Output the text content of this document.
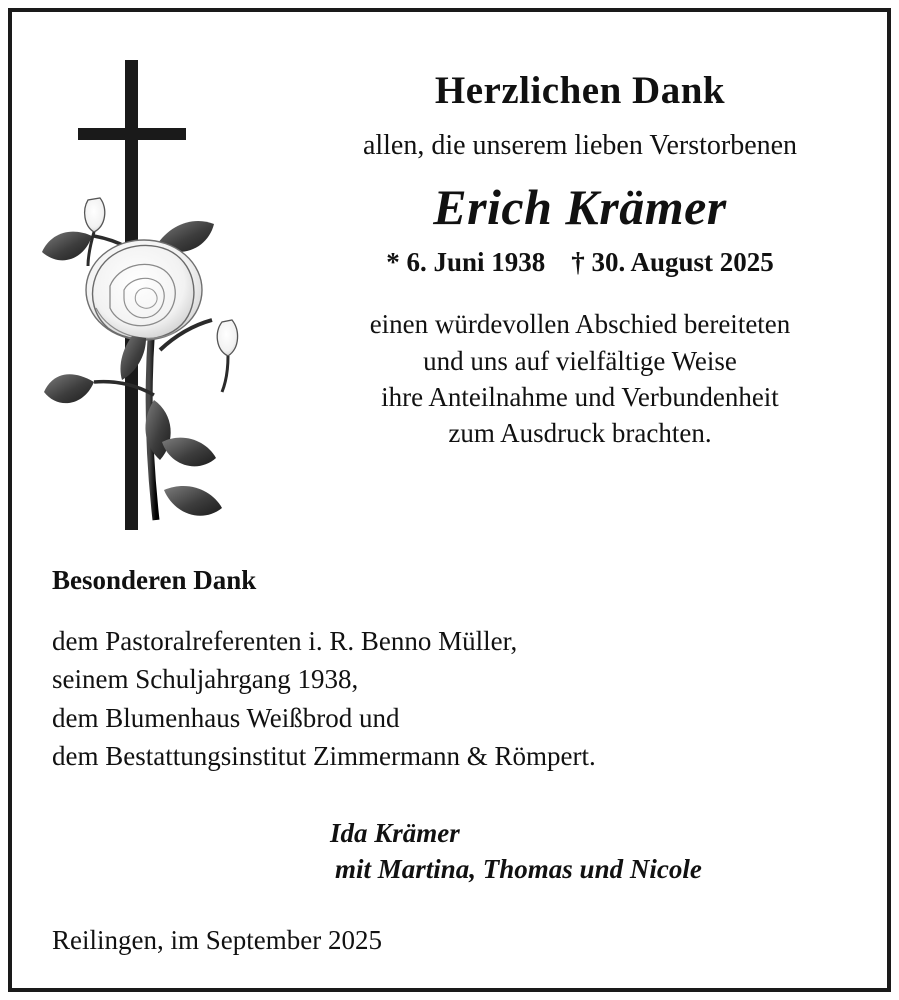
Herzlichen Dank
allen, die unserem lieben Verstorbenen
Erich Krämer
* 6. Juni 1938 † 30. August 2025
einen würdevollen Abschied bereiteten
und uns auf vielfältige Weise
ihre Anteilnahme und Verbundenheit
zum Ausdruck brachten.
Besonderen Dank
dem Pastoralreferenten i. R. Benno Müller,
seinem Schuljahrgang 1938,
dem Blumenhaus Weißbrod und
dem Bestattungsinstitut Zimmermann & Römpert.
Ida Krämer
mit Martina, Thomas und Nicole
Reilingen, im September 2025
